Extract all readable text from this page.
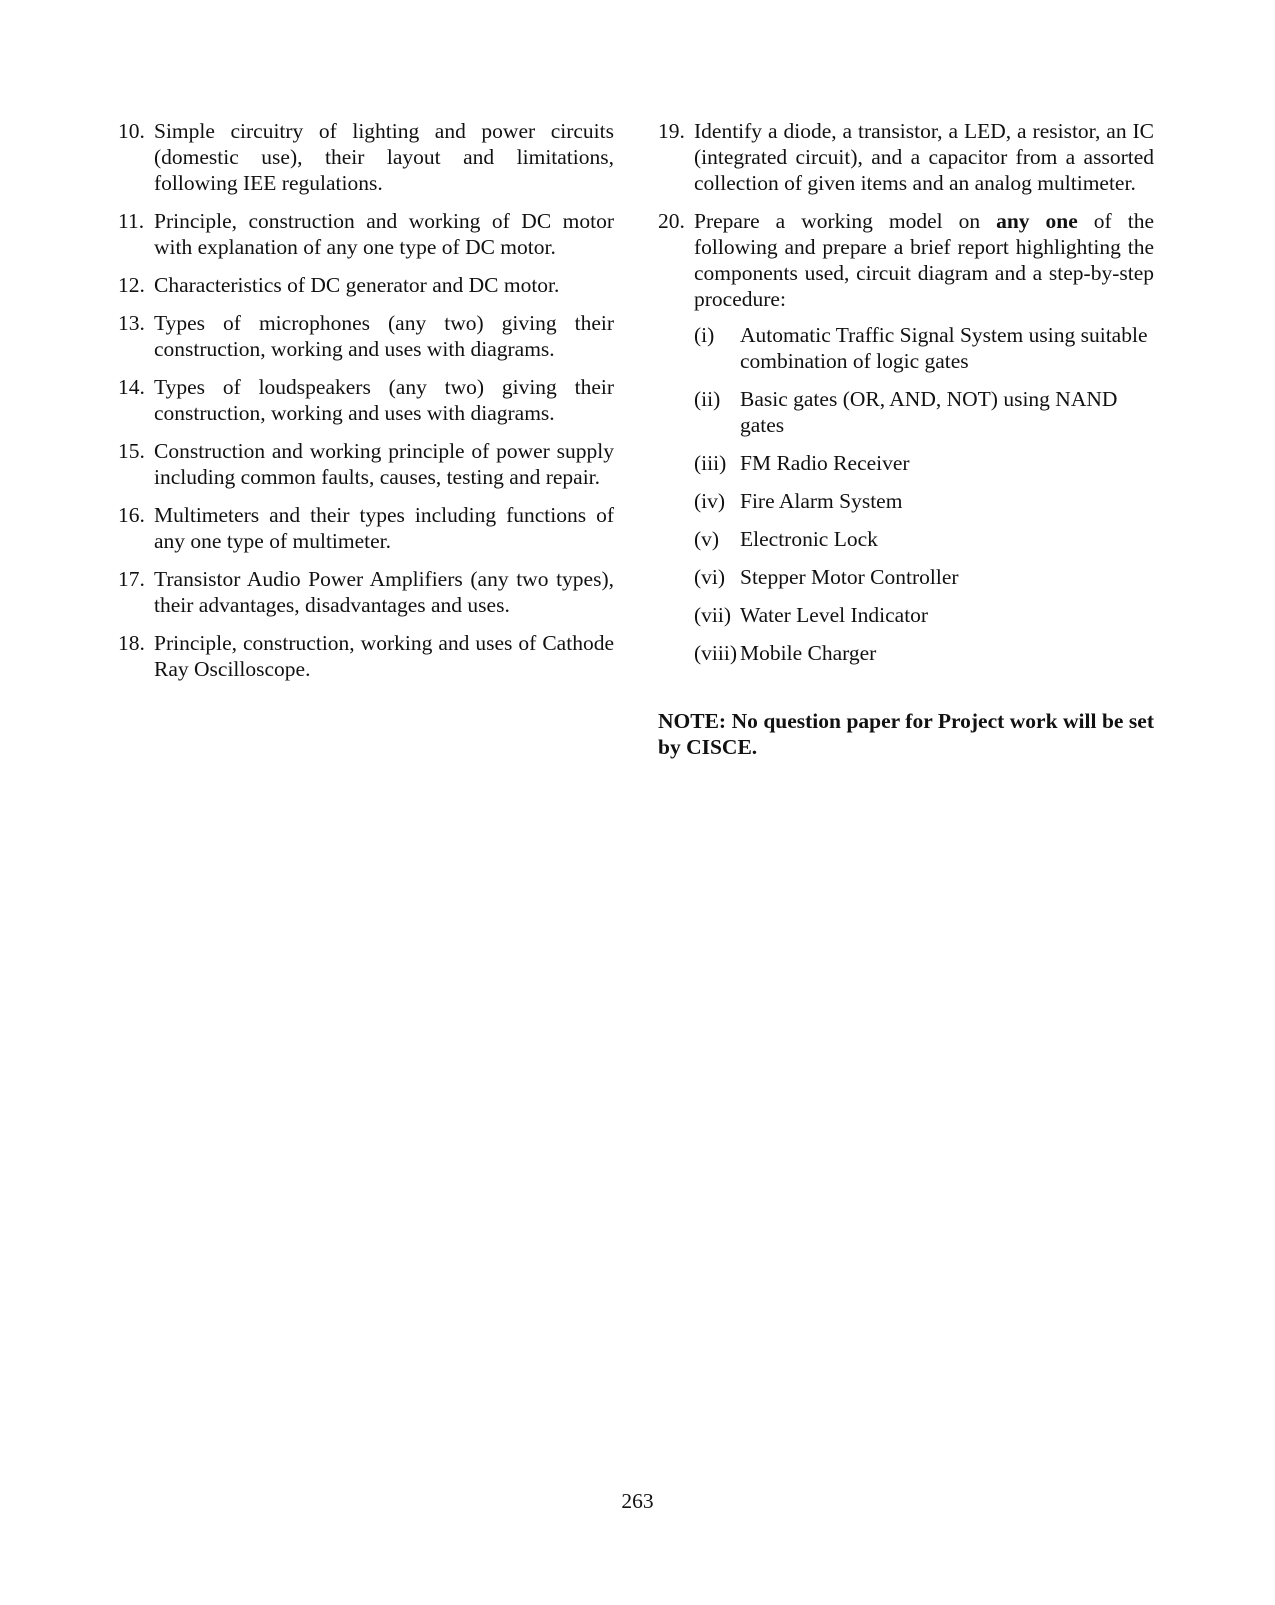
10. Simple circuitry of lighting and power circuits (domestic use), their layout and limitations, following IEE regulations.
11. Principle, construction and working of DC motor with explanation of any one type of DC motor.
12. Characteristics of DC generator and DC motor.
13. Types of microphones (any two) giving their construction, working and uses with diagrams.
14. Types of loudspeakers (any two) giving their construction, working and uses with diagrams.
15. Construction and working principle of power supply including common faults, causes, testing and repair.
16. Multimeters and their types including functions of any one type of multimeter.
17. Transistor Audio Power Amplifiers (any two types), their advantages, disadvantages and uses.
18. Principle, construction, working and uses of Cathode Ray Oscilloscope.
19. Identify a diode, a transistor, a LED, a resistor, an IC (integrated circuit), and a capacitor from a assorted collection of given items and an analog multimeter.
20. Prepare a working model on any one of the following and prepare a brief report highlighting the components used, circuit diagram and a step-by-step procedure:
(i)	Automatic Traffic Signal System using suitable combination of logic gates
(ii) Basic gates (OR, AND, NOT) using NAND gates
(iii) FM Radio Receiver
(iv) Fire Alarm System
(v) Electronic Lock
(vi) Stepper Motor Controller
(vii) Water Level Indicator
(viii) Mobile Charger
NOTE: No question paper for Project work will be set by CISCE.
263
